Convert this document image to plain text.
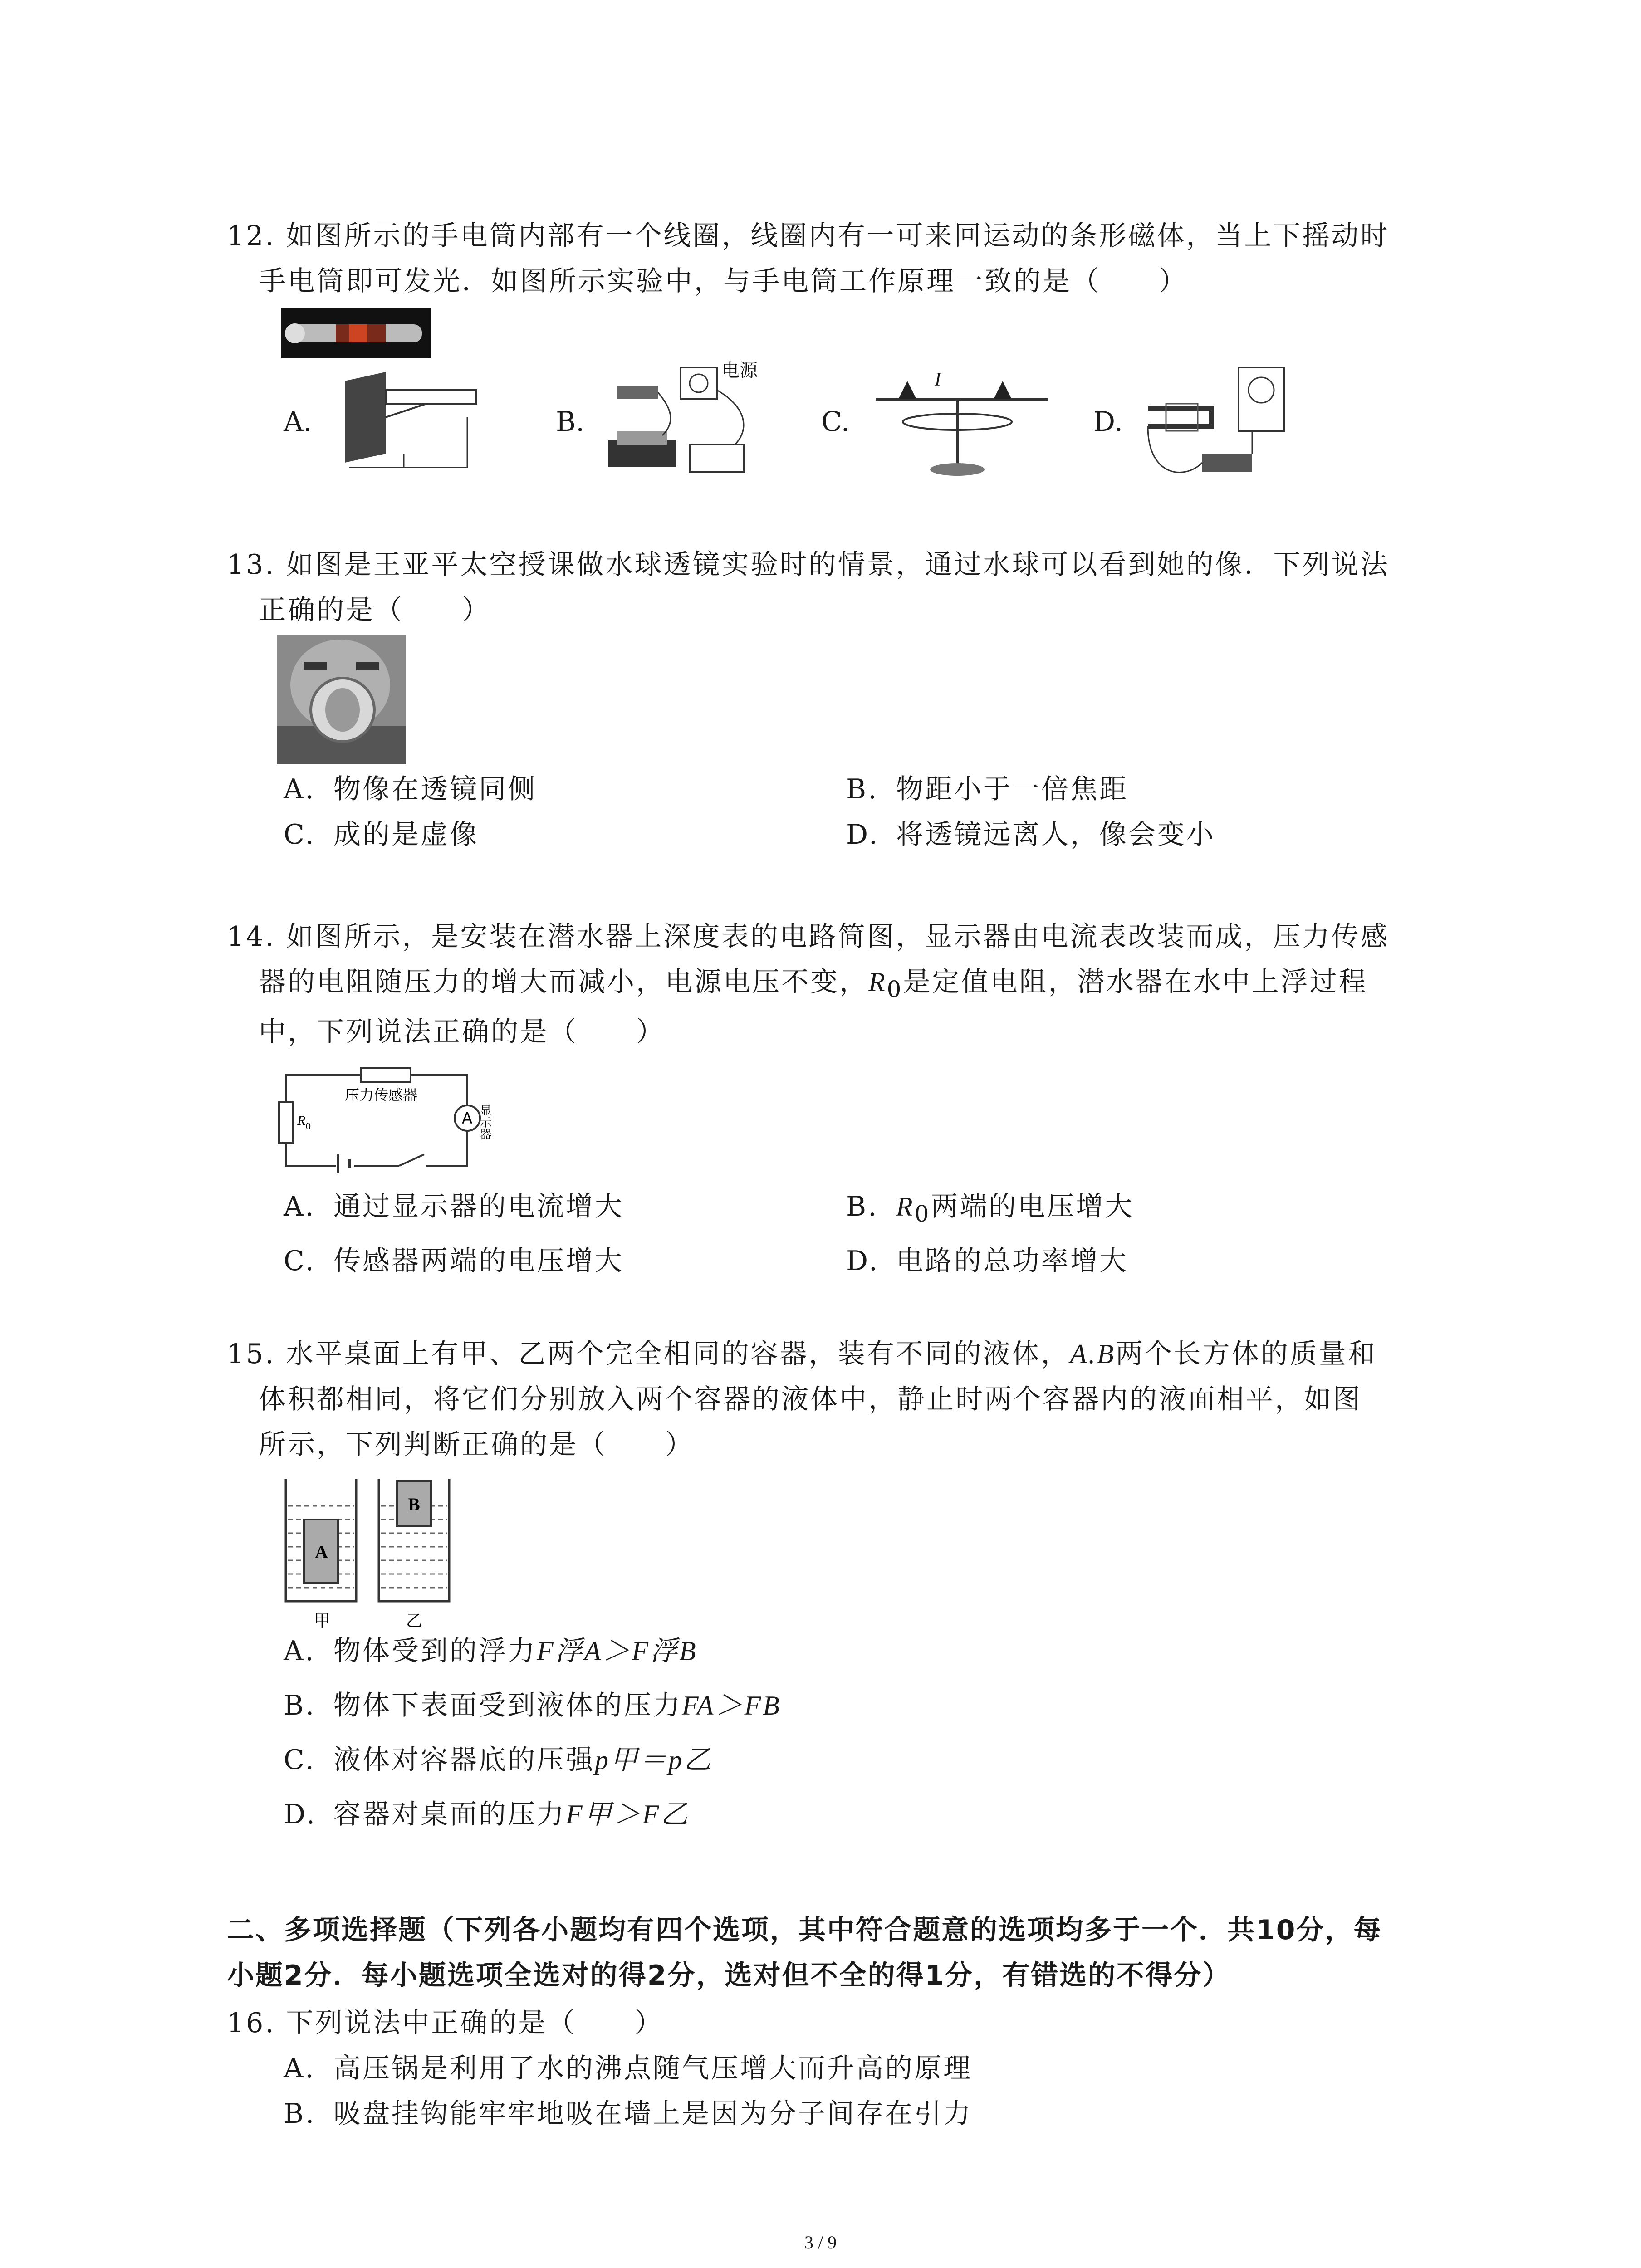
12. 如图所示的手电筒内部有一个线圈，线圈内有一可来回运动的条形磁体，当上下摇动时
手电筒即可发光．如图所示实验中，与手电筒工作原理一致的是（　　）
A.	B.
电源
C.
I
D.
13. 如图是王亚平太空授课做水球透镜实验时的情景，通过水球可以看到她的像．下列说法
正确的是（　　）
A. 物像在透镜同侧	B. 物距小于一倍焦距
C. 成的是虚像	D. 将透镜远离人，像会变小
14. 如图所示，是安装在潜水器上深度表的电路简图，显示器由电流表改装而成，压力传感
器的电阻随压力的增大而减小，电源电压不变，$R_0$是定值电阻，潜水器在水中上浮过程
中，下列说法正确的是（　　）
R 0
压力传感器
A 显示器
A. 通过显示器的电流增大	B. $R_0$两端的电压增大
C. 传感器两端的电压增大	D. 电路的总功率增大
15. 水平桌面上有甲、乙两个完全相同的容器，装有不同的液体，A.B两个长方体的质量和
体积都相同，将它们分别放入两个容器的液体中，静止时两个容器内的液面相平，如图
所示，下列判断正确的是（　　）
A
B
甲	乙
A. 物体受到的浮力F浮A＞F浮B
B. 物体下表面受到液体的压力FA＞FB
C. 液体对容器底的压强p甲＝p乙
D. 容器对桌面的压力F甲＞F乙
二、多项选择题（下列各小题均有四个选项，其中符合题意的选项均多于一个．共10分，每
小题2分．每小题选项全选对的得2分，选对但不全的得1分，有错选的不得分）
16. 下列说法中正确的是（　　）
A. 高压锅是利用了水的沸点随气压增大而升高的原理
B. 吸盘挂钩能牢牢地吸在墙上是因为分子间存在引力
3 / 9
